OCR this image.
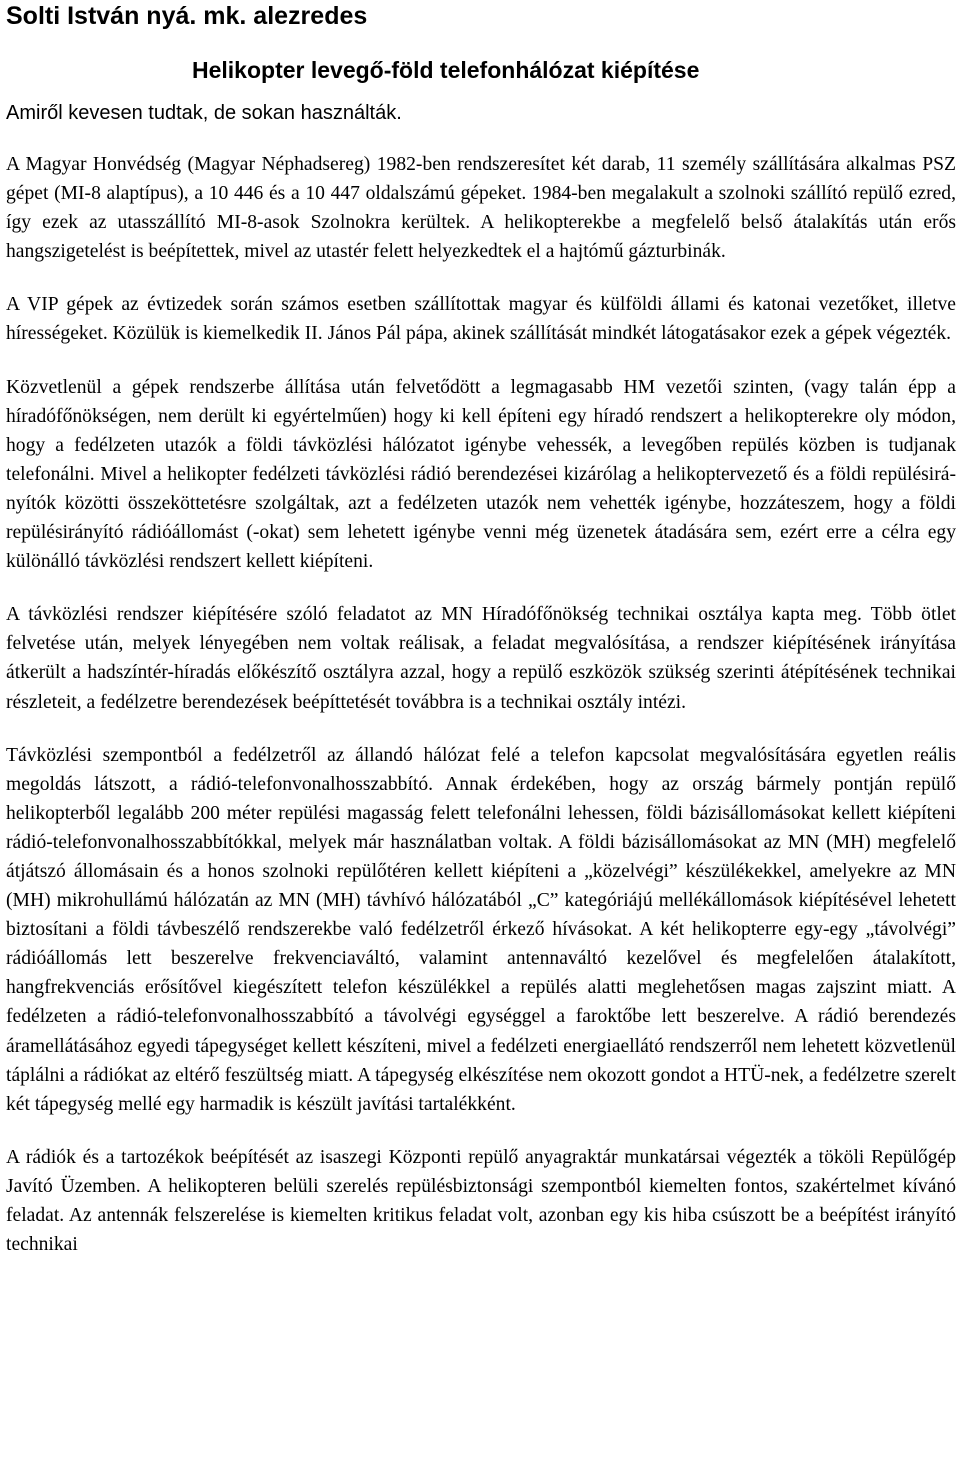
Solti István nyá. mk. alezredes
Helikopter levegő-föld telefonhálózat kiépítése
Amiről kevesen tudtak, de sokan használták.

A Magyar Honvédség (Magyar Néphadsereg) 1982-ben rendszeresítet két darab, 11 személy szállítására alkalmas PSZ gépet (MI-8 alaptípus), a 10 446 és a 10 447 oldalszámú gépeket. 1984-ben megalakult a szolnoki szállító repülő ezred, így ezek az utasszállító MI-8-asok Szolnokra kerültek. A helikopterekbe a megfelelő belső átalakítás után erős hangszigetelést is beépítettek, mivel az utastér felett helyezkedtek el a hajtómű gázturbinák.

A VIP gépek az évtizedek során számos esetben szállítottak magyar és külföldi állami és katonai vezetőket, illetve hírességeket. Közülük is kiemelkedik II. János Pál pápa, akinek szállítását mindkét látogatásakor ezek a gépek végezték.

Közvetlenül a gépek rendszerbe állítása után felvetődött a legmagasabb HM vezetői szinten, (vagy talán épp a híradófőnökségen, nem derült ki egyértelműen) hogy ki kell építeni egy híradó rendszert a helikopterekre oly módon, hogy a fedélzeten utazók a földi távközlési hálózatot igénybe vehessék, a levegőben repülés közben is tudjanak telefonálni. Mivel a helikopter fedélzeti távközlési rádió berendezései kizárólag a helikoptervezető és a földi repülésirányítók közötti összeköttetésre szolgáltak, azt a fedélzeten utazók nem vehették igénybe, hozzáteszem, hogy a földi repülésirányító rádióállomást (-okat) sem lehetett igénybe venni még üzenetek átadására sem, ezért erre a célra egy különálló távközlési rendszert kellett kiépíteni.

A távközlési rendszer kiépítésére szóló feladatot az MN Híradófőnökség technikai osztálya kapta meg. Több ötlet felvetése után, melyek lényegében nem voltak reálisak, a feladat megvalósítása, a rendszer kiépítésének irányítása átkerült a hadszíntér-híradás előkészítő osztályra azzal, hogy a repülő eszközök szükség szerinti átépítésének technikai részleteit, a fedélzetre berendezések beépíttetését továbbra is a technikai osztály intézi.

Távközlési szempontból a fedélzetről az állandó hálózat felé a telefon kapcsolat megvalósítására egyetlen reális megoldás látszott, a rádió-telefonvonalhosszabbító. Annak érdekében, hogy az ország bármely pontján repülő helikopterből legalább 200 méter repülési magasság felett telefonálni lehessen, földi bázisállomásokat kellett kiépíteni rádió-telefonvonalhosszabbítókkal, melyek már használatban voltak. A földi bázisállomásokat az MN (MH) megfelelő átjátszó állomásain és a honos szolnoki repülőtéren kellett kiépíteni a „közelvégi” készülékekkel, amelyekre az MN (MH) mikrohullámú hálózatán az MN (MH) távhívó hálózatából „C” kategóriájú mellékállomások kiépítésével lehetett biztosítani a földi távbeszélő rendszerekbe való fedélzetről érkező hívásokat. A két helikopterre egy-egy „távolvégi” rádióállomás lett beszerelve frekvenciaváltó, valamint antennaváltó kezelővel és megfelelően átalakított, hangfrekvenciás erősítővel kiegészített telefon készülékkel a repülés alatti meglehetősen magas zajszint miatt. A fedélzeten a rádió-telefonvonalhosszabbító a távolvégi egységgel a faroktőbe lett beszerelve. A rádió berendezés áramellátásához egyedi tápegységet kellett készíteni, mivel a fedélzeti energiaellátó rendszerről nem lehetett közvetlenül táplálni a rádiókat az eltérő feszültség miatt. A tápegység elkészítése nem okozott gondot a HTÜ-nek, a fedélzetre szerelt két tápegység mellé egy harmadik is készült javítási tartalékként.

A rádiók és a tartozékok beépítését az isaszegi Központi repülő anyagraktár munkatársai végezték a tököli Repülőgép Javító Üzemben. A helikopteren belüli szerelés repülésbiztonsági szempontból kiemelten fontos, szakértelmet kívánó feladat. Az antennák felszerelése is kiemelten kritikus feladat volt, azonban egy kis hiba csúszott be a beépítést irányító technikai
